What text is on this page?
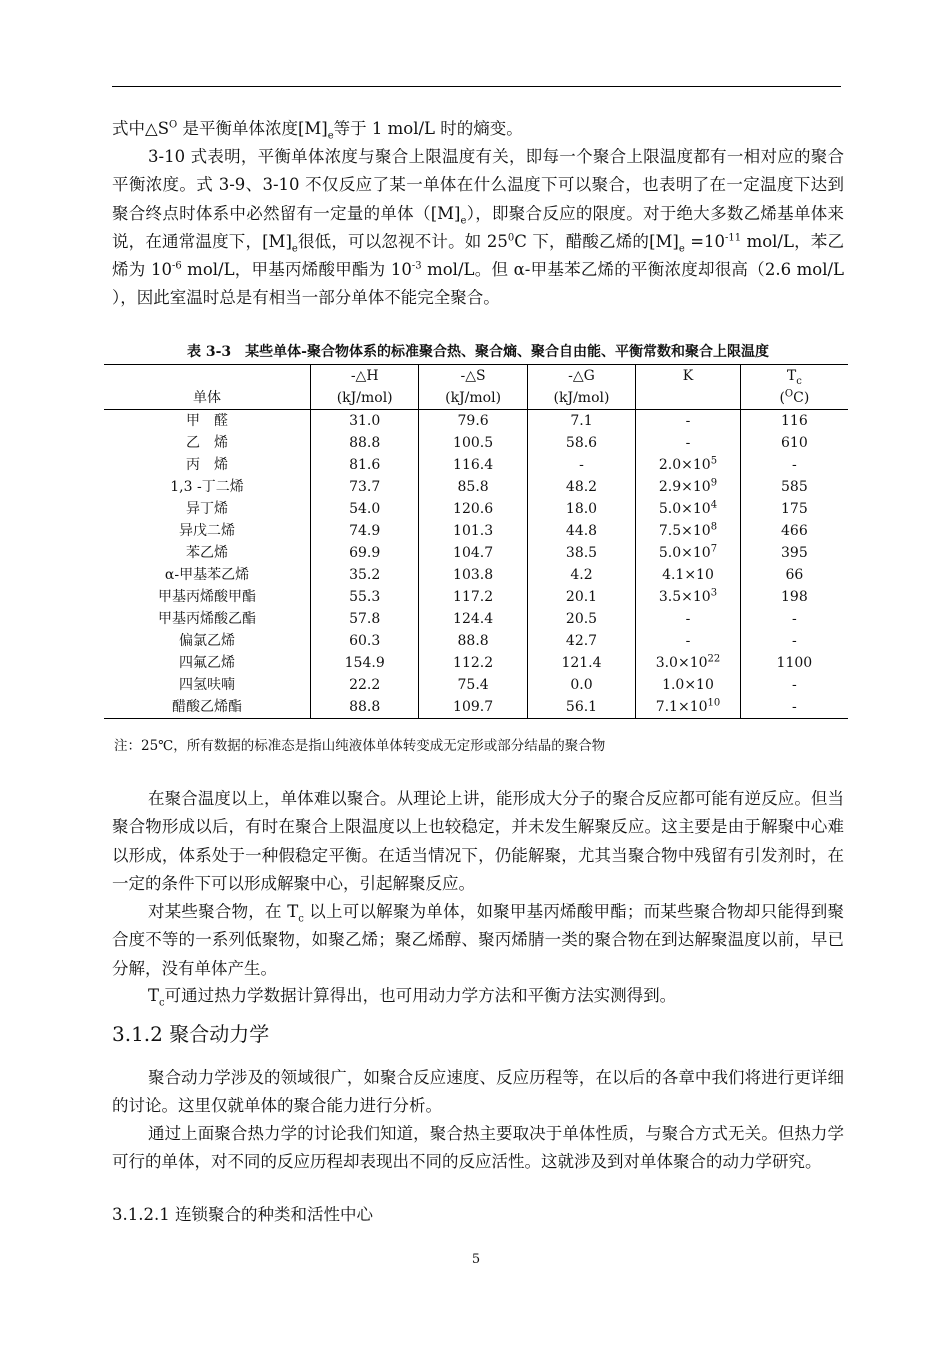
式中$\triangle S^O$ 是平衡单体浓度$[M]_e$等于 1 mol/L 时的熵变。

3-10 式表明，平衡单体浓度与聚合上限温度有关，即每一个聚合上限温度都有一相对应的聚合平衡浓度。式 3-9、3-10 不仅反应了某一单体在什么温度下可以聚合，也表明了在一定温度下达到聚合终点时体系中必然留有一定量的单体$([M]_e)$，即聚合反应的限度。对于绝大多数乙烯基单体来说，在通常温度下，$[M]_e$很低，可以忽视不计。如 $25^0C$ 下，醋酸乙烯的$[M]_e =10^{-11}$ mol/L，苯乙烯为 $10^{-6}$ mol/L，甲基丙烯酸甲酯为 $10^{-3}$ mol/L。但 α-甲基苯乙烯的平衡浓度却很高（2.6 mol/L ），因此室温时总是有相当一部分单体不能完全聚合。

表 3-3　某些单体-聚合物体系的标准聚合热、聚合熵、聚合自由能、平衡常数和聚合上限温度
	-△H	-△S	-△G	K	$T_c$
单体	(kJ/mol)	(kJ/mol)	(kJ/mol)		($^O$C)
甲　醛	31.0	79.6	7.1	-	116
乙　烯	88.8	100.5	58.6	-	610
丙　烯	81.6	116.4	-	$2.0\times 10^5$	-
1,3 -丁二烯	73.7	85.8	48.2	$2.9\times 10^9$	585
异丁烯	54.0	120.6	18.0	$5.0\times 10^4$	175
异戊二烯	74.9	101.3	44.8	$7.5\times 10^8$	466
苯乙烯	69.9	104.7	38.5	$5.0\times 10^7$	395
α-甲基苯乙烯	35.2	103.8	4.2	4.1×10	66
甲基丙烯酸甲酯	55.3	117.2	20.1	$3.5\times 10^3$	198
甲基丙烯酸乙酯	57.8	124.4	20.5	-	-
偏氯乙烯	60.3	88.8	42.7	-	-
四氟乙烯	154.9	112.2	121.4	$3.0\times 10^{22}$	1100
四氢呋喃	22.2	75.4	0.0	1.0×10	-
醋酸乙烯酯	88.8	109.7	56.1	$7.1\times 10^{10}$	-
注：25℃，所有数据的标准态是指山纯液体单体转变成无定形或部分结晶的聚合物

在聚合温度以上，单体难以聚合。从理论上讲，能形成大分子的聚合反应都可能有逆反应。但当聚合物形成以后，有时在聚合上限温度以上也较稳定，并未发生解聚反应。这主要是由于解聚中心难以形成，体系处于一种假稳定平衡。在适当情况下，仍能解聚，尤其当聚合物中残留有引发剂时，在一定的条件下可以形成解聚中心，引起解聚反应。

对某些聚合物，在 $T_c$ 以上可以解聚为单体，如聚甲基丙烯酸甲酯；而某些聚合物却只能得到聚合度不等的一系列低聚物，如聚乙烯；聚乙烯醇、聚丙烯腈一类的聚合物在到达解聚温度以前，早已分解，没有单体产生。

$T_c$可通过热力学数据计算得出，也可用动力学方法和平衡方法实测得到。

3.1.2 聚合动力学

聚合动力学涉及的领域很广，如聚合反应速度、反应历程等，在以后的各章中我们将进行更详细的讨论。这里仅就单体的聚合能力进行分析。

通过上面聚合热力学的讨论我们知道，聚合热主要取决于单体性质，与聚合方式无关。但热力学可行的单体，对不同的反应历程却表现出不同的反应活性。这就涉及到对单体聚合的动力学研究。

3.1.2.1 连锁聚合的种类和活性中心
5
